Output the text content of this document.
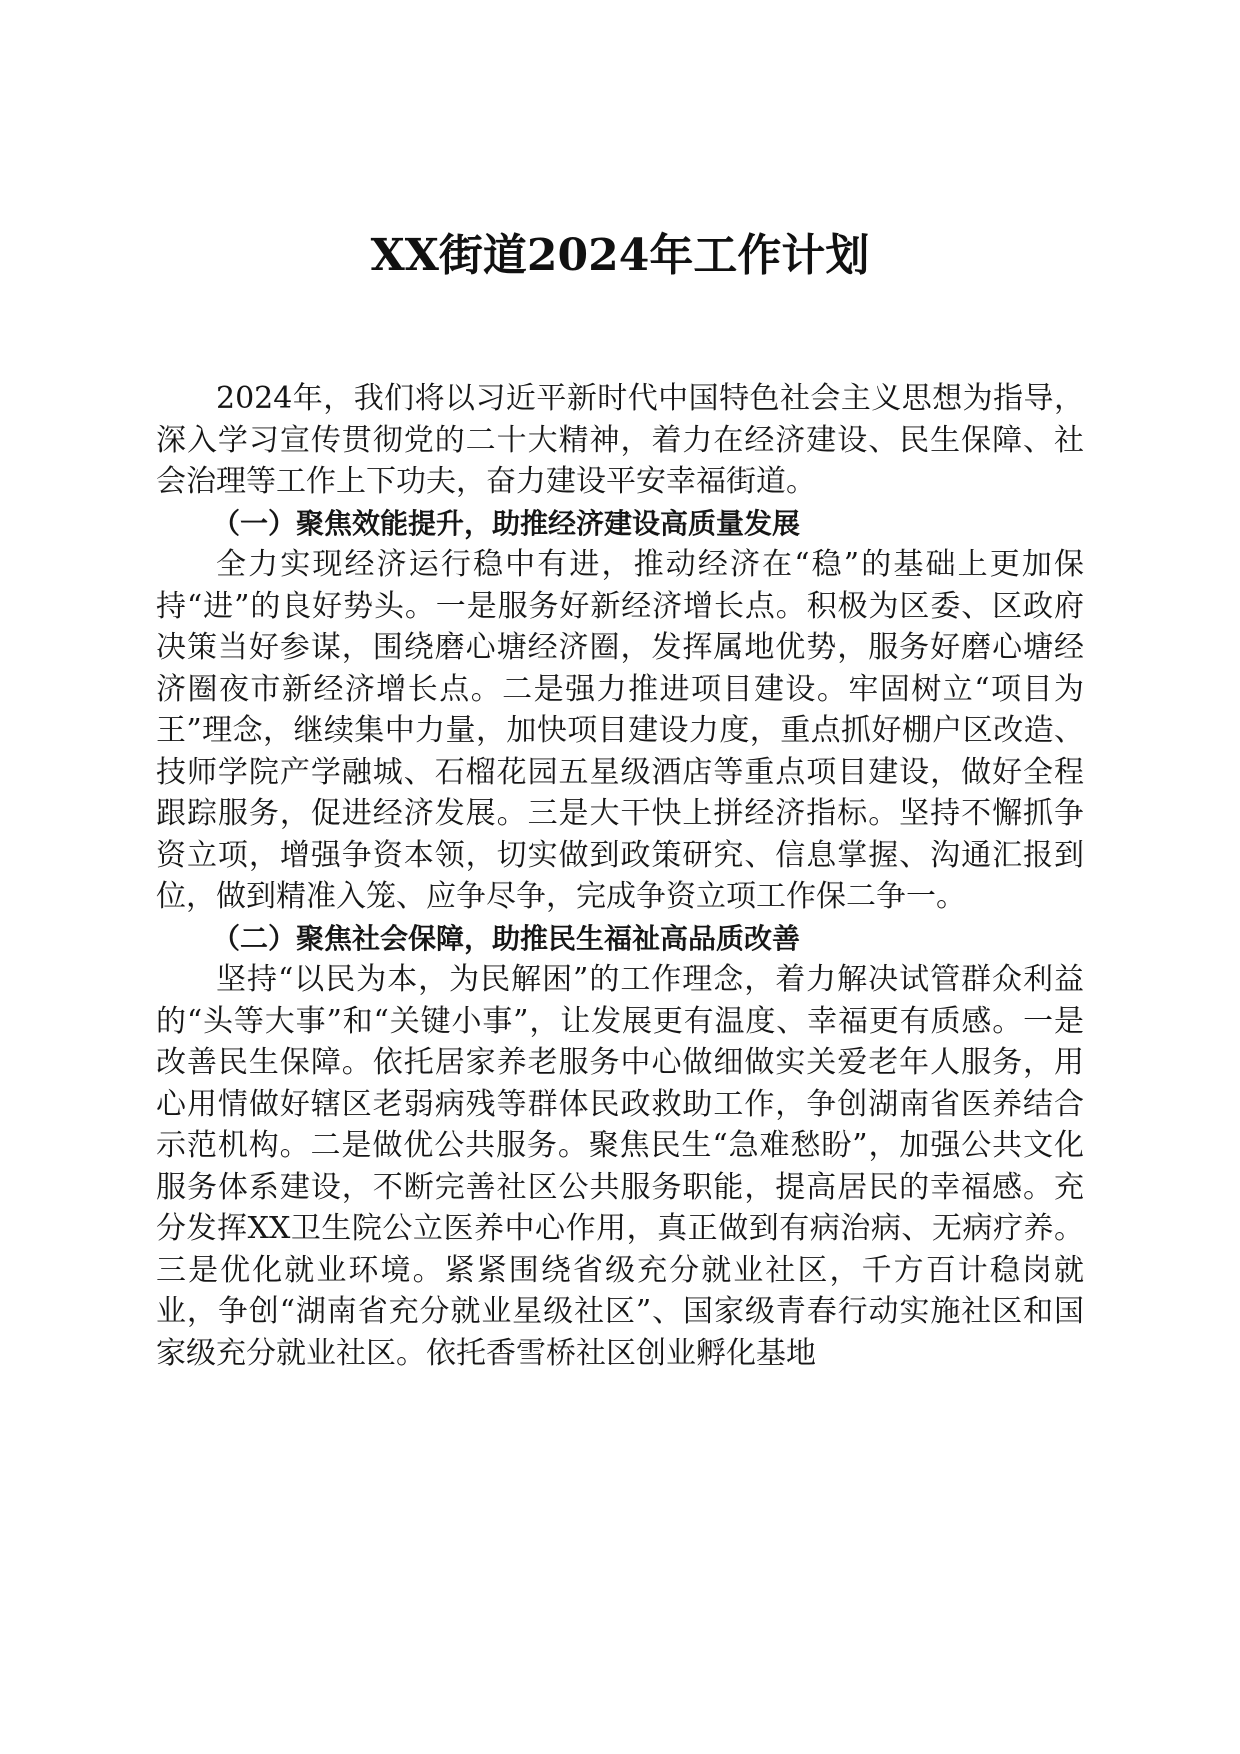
XX街道2024年工作计划

2024年，我们将以习近平新时代中国特色社会主义思想为指导，深入学习宣传贯彻党的二十大精神，着力在经济建设、民生保障、社会治理等工作上下功夫，奋力建设平安幸福街道。

（一）聚焦效能提升，助推经济建设高质量发展

全力实现经济运行稳中有进，推动经济在“稳”的基础上更加保持“进”的良好势头。一是服务好新经济增长点。积极为区委、区政府决策当好参谋，围绕磨心塘经济圈，发挥属地优势，服务好磨心塘经济圈夜市新经济增长点。二是强力推进项目建设。牢固树立“项目为王”理念，继续集中力量，加快项目建设力度，重点抓好棚户区改造、技师学院产学融城、石榴花园五星级酒店等重点项目建设，做好全程跟踪服务，促进经济发展。三是大干快上拼经济指标。坚持不懈抓争资立项，增强争资本领，切实做到政策研究、信息掌握、沟通汇报到位，做到精准入笼、应争尽争，完成争资立项工作保二争一。

（二）聚焦社会保障，助推民生福祉高品质改善

坚持“以民为本，为民解困”的工作理念，着力解决试管群众利益的“头等大事”和“关键小事”，让发展更有温度、幸福更有质感。一是改善民生保障。依托居家养老服务中心做细做实关爱老年人服务，用心用情做好辖区老弱病残等群体民政救助工作，争创湖南省医养结合示范机构。二是做优公共服务。聚焦民生“急难愁盼”，加强公共文化服务体系建设，不断完善社区公共服务职能，提高居民的幸福感。充分发挥XX卫生院公立医养中心作用，真正做到有病治病、无病疗养。三是优化就业环境。紧紧围绕省级充分就业社区，千方百计稳岗就业，争创“湖南省充分就业星级社区”、国家级青春行动实施社区和国家级充分就业社区。依托香雪桥社区创业孵化基地
